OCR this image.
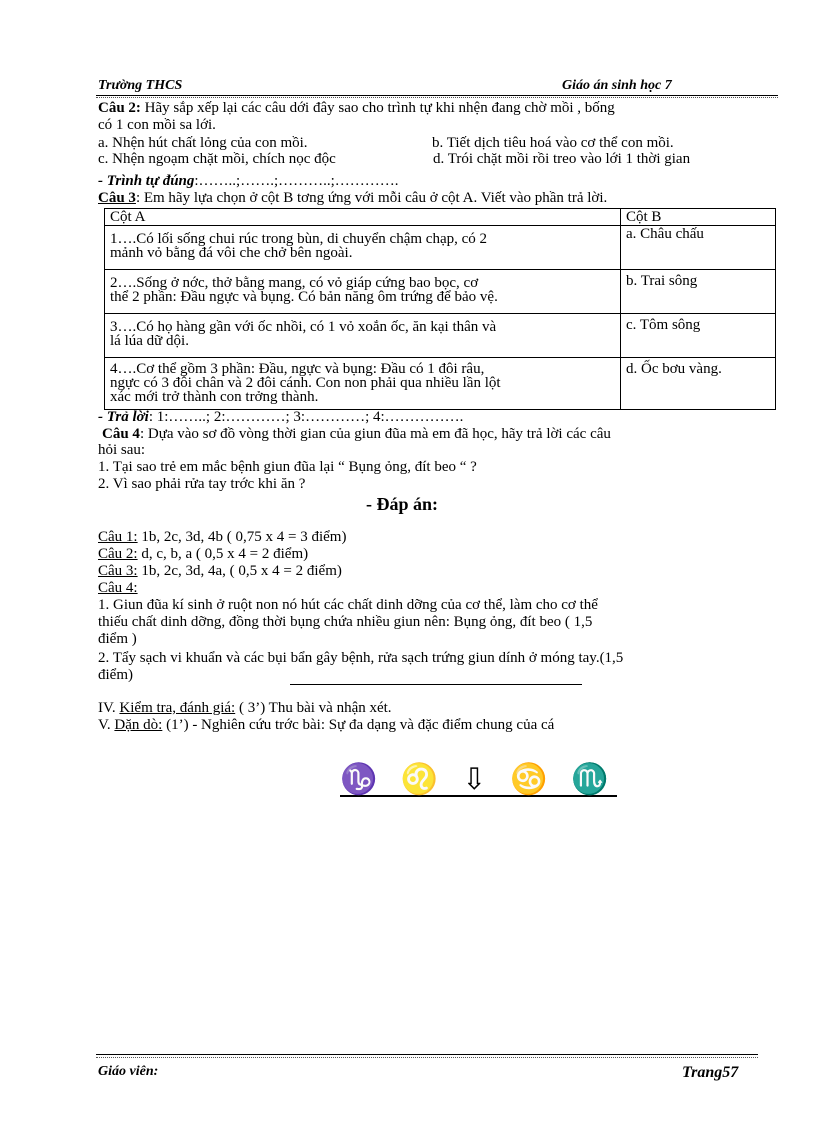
Trường THCS	Giáo án sinh học 7
Câu 2: Hãy sắp xếp lại các câu dới đây sao cho trình tự khi nhện đang chờ mồi , bống
có 1 con mồi sa lới.
a. Nhện hút chất lỏng của con mồi.	b. Tiết dịch tiêu hoá vào cơ thể con mồi.
c. Nhện ngoạm chặt mồi, chích nọc độc	d. Trói chặt mồi rồi treo vào lới 1 thời gian
- Trình tự đúng:……..;…….;………..;………….
Câu 3: Em hãy lựa chọn ở cột B tơng ứng với mỗi câu ở cột A. Viết vào phần trả lời.
Cột A	Cột B

1….Có lối sống chui rúc trong bùn, di chuyển chậm chạp, có 2
mảnh vỏ bằng đá vôi che chở bên ngoài.	a. Châu chấu

2….Sống ở nớc, thở bằng mang, có vỏ giáp cứng bao bọc, cơ
thể 2 phần: Đầu ngực và bụng. Có bản năng ôm trứng để bảo vệ.	b. Trai sông

3….Có họ hàng gần với ốc nhồi, có 1 vỏ xoắn ốc, ăn kại thân và
lá lúa dữ dội.	c. Tôm sông

4….Cơ thể gồm 3 phần: Đầu, ngực và bụng: Đầu có 1 đôi râu,
ngực có 3 đôi chân và 2 đôi cánh. Con non phải qua nhiều lần lột
xác mới trở thành con trởng thành.	d. Ốc bơu vàng.
- Trả lời: 1:……..; 2:…………; 3:…………; 4:…………….
Câu 4: Dựa vào sơ đồ vòng thời gian của giun đũa mà em đã học, hãy trả lời các câu
hỏi sau:
1. Tại sao trẻ em mắc bệnh giun đũa lại “ Bụng ỏng, đít beo “ ?
2. Vì sao phải rửa tay trớc khi ăn ?
- Đáp án:
Câu 1: 1b, 2c, 3d, 4b ( 0,75 x 4 = 3 điểm)
Câu 2: d, c, b, a ( 0,5 x 4 = 2 điểm)
Câu 3: 1b, 2c, 3d, 4a, ( 0,5 x 4 = 2 điểm)
Câu 4:
1. Giun đũa kí sinh ở ruột non nó hút các chất dinh dỡng của cơ thể, làm cho cơ thể
thiếu chất dinh dỡng, đồng thời bụng chứa nhiều giun nên: Bụng ỏng, đít beo ( 1,5
điểm )
2. Tẩy sạch vi khuẩn và các bụi bẩn gây bệnh, rửa sạch trứng giun dính ở móng tay.(1,5
điểm)
IV. Kiểm tra, đánh giá: ( 3’) Thu bài và nhận xét.
V. Dặn dò: (1’) - Nghiên cứu trớc bài: Sự đa dạng và đặc điểm chung của cá
♑ ♌ ⇩ ♋ ♏
Giáo viên:	Trang57
